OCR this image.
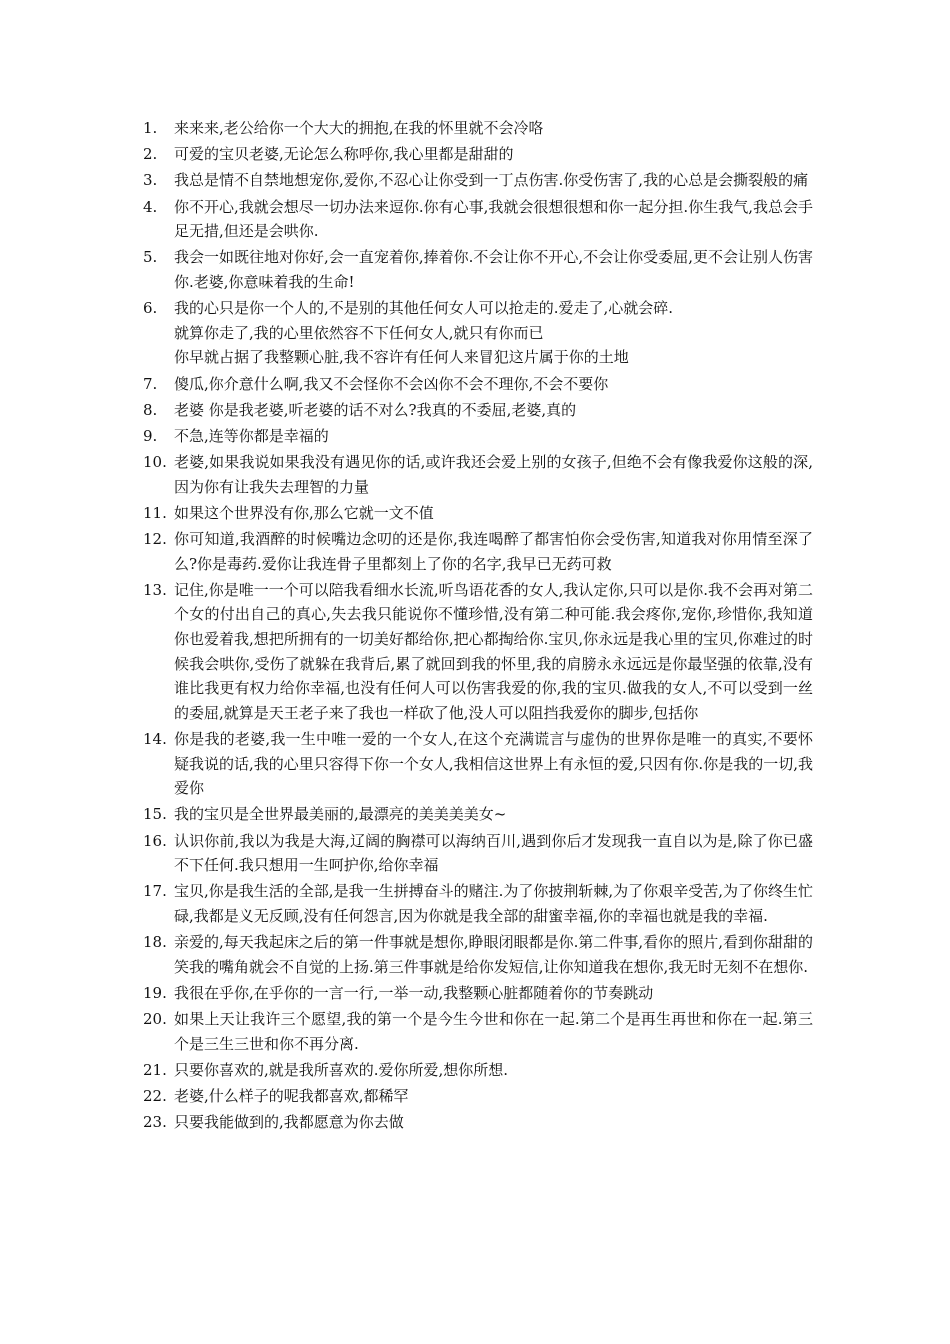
1.	来来来,老公给你一个大大的拥抱,在我的怀里就不会冷咯
2.	可爱的宝贝老婆,无论怎么称呼你,我心里都是甜甜的
3.	我总是情不自禁地想宠你,爱你,不忍心让你受到一丁点伤害.你受伤害了,我的心总是会撕裂般的痛
4.	你不开心,我就会想尽一切办法来逗你.你有心事,我就会很想很想和你一起分担.你生我气,我总会手足无措,但还是会哄你.
5.	我会一如既往地对你好,会一直宠着你,捧着你.不会让你不开心,不会让你受委屈,更不会让别人伤害你.老婆,你意味着我的生命!
6.	我的心只是你一个人的,不是别的其他任何女人可以抢走的.爱走了,心就会碎.
就算你走了,我的心里依然容不下任何女人,就只有你而已
你早就占据了我整颗心脏,我不容许有任何人来冒犯这片属于你的土地
7.	傻瓜,你介意什么啊,我又不会怪你不会凶你不会不理你,不会不要你
8.	老婆 你是我老婆,听老婆的话不对么?我真的不委屈,老婆,真的
9.	不急,连等你都是幸福的
10. 老婆,如果我说如果我没有遇见你的话,或许我还会爱上别的女孩子,但绝不会有像我爱你这般的深,因为你有让我失去理智的力量
11. 如果这个世界没有你,那么它就一文不值
12. 你可知道,我酒醉的时候嘴边念叨的还是你,我连喝醉了都害怕你会受伤害,知道我对你用情至深了么?你是毒药.爱你让我连骨子里都刻上了你的名字,我早已无药可救
13. 记住,你是唯一一个可以陪我看细水长流,听鸟语花香的女人,我认定你,只可以是你.我不会再对第二个女的付出自己的真心,失去我只能说你不懂珍惜,没有第二种可能.我会疼你,宠你,珍惜你,我知道你也爱着我,想把所拥有的一切美好都给你,把心都掏给你.宝贝,你永远是我心里的宝贝,你难过的时候我会哄你,受伤了就躲在我背后,累了就回到我的怀里,我的肩膀永永远远是你最坚强的依靠,没有谁比我更有权力给你幸福,也没有任何人可以伤害我爱的你,我的宝贝.做我的女人,不可以受到一丝的委屈,就算是天王老子来了我也一样砍了他,没人可以阻挡我爱你的脚步,包括你
14. 你是我的老婆,我一生中唯一爱的一个女人,在这个充满谎言与虚伪的世界你是唯一的真实,不要怀疑我说的话,我的心里只容得下你一个女人,我相信这世界上有永恒的爱,只因有你.你是我的一切,我爱你
15. 我的宝贝是全世界最美丽的,最漂亮的美美美美女~
16. 认识你前,我以为我是大海,辽阔的胸襟可以海纳百川,遇到你后才发现我一直自以为是,除了你已盛不下任何.我只想用一生呵护你,给你幸福
17. 宝贝,你是我生活的全部,是我一生拼搏奋斗的赌注.为了你披荆斩棘,为了你艰辛受苦,为了你终生忙碌,我都是义无反顾,没有任何怨言,因为你就是我全部的甜蜜幸福,你的幸福也就是我的幸福.
18. 亲爱的,每天我起床之后的第一件事就是想你,睁眼闭眼都是你.第二件事,看你的照片,看到你甜甜的笑我的嘴角就会不自觉的上扬.第三件事就是给你发短信,让你知道我在想你,我无时无刻不在想你.
19. 我很在乎你,在乎你的一言一行,一举一动,我整颗心脏都随着你的节奏跳动
20. 如果上天让我许三个愿望,我的第一个是今生今世和你在一起.第二个是再生再世和你在一起.第三个是三生三世和你不再分离.
21. 只要你喜欢的,就是我所喜欢的.爱你所爱,想你所想.
22. 老婆,什么样子的呢我都喜欢,都稀罕
23. 只要我能做到的,我都愿意为你去做
